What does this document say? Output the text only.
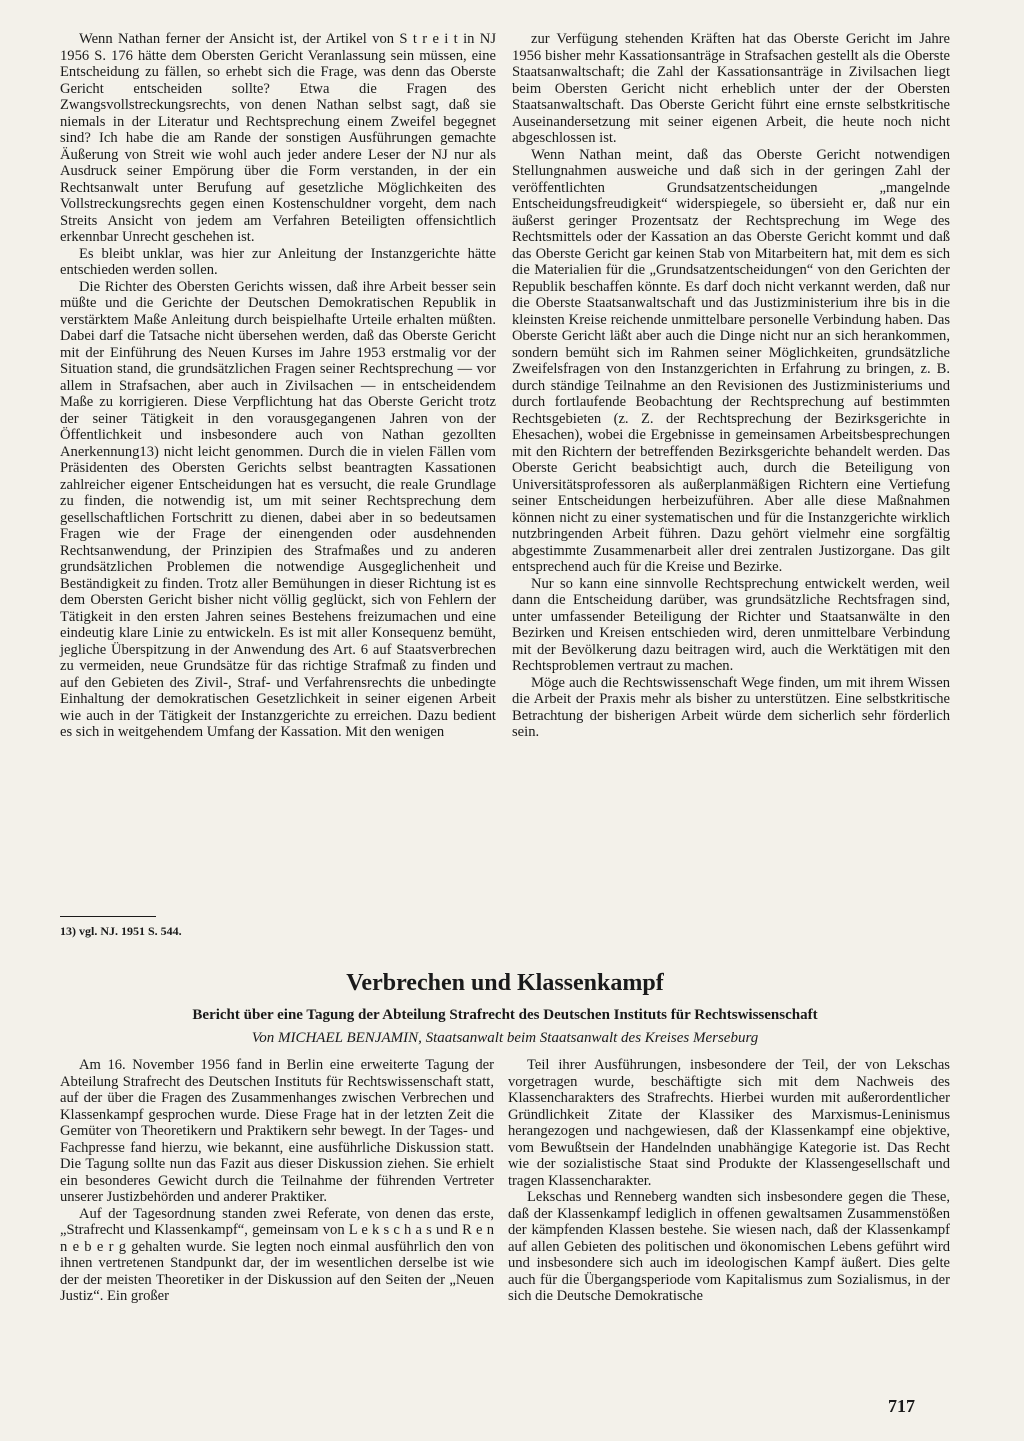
Wenn Nathan ferner der Ansicht ist, der Artikel von S t r e i t in NJ 1956 S. 176 hätte dem Obersten Gericht Veranlassung sein müssen, eine Entscheidung zu fällen, so erhebt sich die Frage, was denn das Oberste Gericht entscheiden sollte? Etwa die Fragen des Zwangsvollstreckungsrechts, von denen Nathan selbst sagt, daß sie niemals in der Literatur und Rechtsprechung einem Zweifel begegnet sind? Ich habe die am Rande der sonstigen Ausführungen gemachte Äußerung von Streit wie wohl auch jeder andere Leser der NJ nur als Ausdruck seiner Empörung über die Form verstanden, in der ein Rechtsanwalt unter Berufung auf gesetzliche Möglichkeiten des Vollstreckungsrechts gegen einen Kostenschuldner vorgeht, dem nach Streits Ansicht von jedem am Verfahren Beteiligten offensichtlich erkennbar Unrecht geschehen ist.

Es bleibt unklar, was hier zur Anleitung der Instanzgerichte hätte entschieden werden sollen.

Die Richter des Obersten Gerichts wissen, daß ihre Arbeit besser sein müßte und die Gerichte der Deutschen Demokratischen Republik in verstärktem Maße Anleitung durch beispielhafte Urteile erhalten müßten. Dabei darf die Tatsache nicht übersehen werden, daß das Oberste Gericht mit der Einführung des Neuen Kurses im Jahre 1953 erstmalig vor der Situation stand, die grundsätzlichen Fragen seiner Rechtsprechung — vor allem in Strafsachen, aber auch in Zivilsachen — in entscheidendem Maße zu korrigieren. Diese Verpflichtung hat das Oberste Gericht trotz der seiner Tätigkeit in den vorausgegangenen Jahren von der Öffentlichkeit und insbesondere auch von Nathan gezollten Anerkennung13) nicht leicht genommen. Durch die in vielen Fällen vom Präsidenten des Obersten Gerichts selbst beantragten Kassationen zahlreicher eigener Entscheidungen hat es versucht, die reale Grundlage zu finden, die notwendig ist, um mit seiner Rechtsprechung dem gesellschaftlichen Fortschritt zu dienen, dabei aber in so bedeutsamen Fragen wie der Frage der einengenden oder ausdehnenden Rechtsanwendung, der Prinzipien des Strafmaßes und zu anderen grundsätzlichen Problemen die notwendige Ausgeglichenheit und Beständigkeit zu finden. Trotz aller Bemühungen in dieser Richtung ist es dem Obersten Gericht bisher nicht völlig geglückt, sich von Fehlern der Tätigkeit in den ersten Jahren seines Bestehens freizumachen und eine eindeutig klare Linie zu entwickeln. Es ist mit aller Konsequenz bemüht, jegliche Überspitzung in der Anwendung des Art. 6 auf Staatsverbrechen zu vermeiden, neue Grundsätze für das richtige Strafmaß zu finden und auf den Gebieten des Zivil-, Straf- und Verfahrensrechts die unbedingte Einhaltung der demokratischen Gesetzlichkeit in seiner eigenen Arbeit wie auch in der Tätigkeit der Instanzgerichte zu erreichen. Dazu bedient es sich in weitgehendem Umfang der Kassation. Mit den wenigen

13) vgl. NJ. 1951 S. 544.

zur Verfügung stehenden Kräften hat das Oberste Gericht im Jahre 1956 bisher mehr Kassationsanträge in Strafsachen gestellt als die Oberste Staatsanwaltschaft; die Zahl der Kassationsanträge in Zivilsachen liegt beim Obersten Gericht nicht erheblich unter der der Obersten Staatsanwaltschaft. Das Oberste Gericht führt eine ernste selbstkritische Auseinandersetzung mit seiner eigenen Arbeit, die heute noch nicht abgeschlossen ist.

Wenn Nathan meint, daß das Oberste Gericht notwendigen Stellungnahmen ausweiche und daß sich in der geringen Zahl der veröffentlichten Grundsatzentscheidungen „mangelnde Entscheidungsfreudigkeit“ widerspiegele, so übersieht er, daß nur ein äußerst geringer Prozentsatz der Rechtsprechung im Wege des Rechtsmittels oder der Kassation an das Oberste Gericht kommt und daß das Oberste Gericht gar keinen Stab von Mitarbeitern hat, mit dem es sich die Materialien für die „Grundsatzentscheidungen“ von den Gerichten der Republik beschaffen könnte. Es darf doch nicht verkannt werden, daß nur die Oberste Staatsanwaltschaft und das Justizministerium ihre bis in die kleinsten Kreise reichende unmittelbare personelle Verbindung haben. Das Oberste Gericht läßt aber auch die Dinge nicht nur an sich herankommen, sondern bemüht sich im Rahmen seiner Möglichkeiten, grundsätzliche Zweifelsfragen von den Instanzgerichten in Erfahrung zu bringen, z. B. durch ständige Teilnahme an den Revisionen des Justizministeriums und durch fortlaufende Beobachtung der Rechtsprechung auf bestimmten Rechtsgebieten (z. Z. der Rechtsprechung der Bezirksgerichte in Ehesachen), wobei die Ergebnisse in gemeinsamen Arbeitsbesprechungen mit den Richtern der betreffenden Bezirksgerichte behandelt werden. Das Oberste Gericht beabsichtigt auch, durch die Beteiligung von Universitätsprofessoren als außerplanmäßigen Richtern eine Vertiefung seiner Entscheidungen herbeizuführen. Aber alle diese Maßnahmen können nicht zu einer systematischen und für die Instanzgerichte wirklich nutzbringenden Arbeit führen. Dazu gehört vielmehr eine sorgfältig abgestimmte Zusammenarbeit aller drei zentralen Justizorgane. Das gilt entsprechend auch für die Kreise und Bezirke.

Nur so kann eine sinnvolle Rechtsprechung entwickelt werden, weil dann die Entscheidung darüber, was grundsätzliche Rechtsfragen sind, unter umfassender Beteiligung der Richter und Staatsanwälte in den Bezirken und Kreisen entschieden wird, deren unmittelbare Verbindung mit der Bevölkerung dazu beitragen wird, auch die Werktätigen mit den Rechtsproblemen vertraut zu machen.

Möge auch die Rechtswissenschaft Wege finden, um mit ihrem Wissen die Arbeit der Praxis mehr als bisher zu unterstützen. Eine selbstkritische Betrachtung der bisherigen Arbeit würde dem sicherlich sehr förderlich sein.

Verbrechen und Klassenkampf
Bericht über eine Tagung der Abteilung Strafrecht des Deutschen Instituts für Rechtswissenschaft
Von MICHAEL BENJAMIN, Staatsanwalt beim Staatsanwalt des Kreises Merseburg

Am 16. November 1956 fand in Berlin eine erweiterte Tagung der Abteilung Strafrecht des Deutschen Instituts für Rechtswissenschaft statt, auf der über die Fragen des Zusammenhanges zwischen Verbrechen und Klassenkampf gesprochen wurde. Diese Frage hat in der letzten Zeit die Gemüter von Theoretikern und Praktikern sehr bewegt. In der Tages- und Fachpresse fand hierzu, wie bekannt, eine ausführliche Diskussion statt. Die Tagung sollte nun das Fazit aus dieser Diskussion ziehen. Sie erhielt ein besonderes Gewicht durch die Teilnahme der führenden Vertreter unserer Justizbehörden und anderer Praktiker.

Auf der Tagesordnung standen zwei Referate, von denen das erste, „Strafrecht und Klassenkampf“, gemeinsam von L e k s c h a s und R e n n e b e r g gehalten wurde. Sie legten noch einmal ausführlich den von ihnen vertretenen Standpunkt dar, der im wesentlichen derselbe ist wie der der meisten Theoretiker in der Diskussion auf den Seiten der „Neuen Justiz“. Ein großer

Teil ihrer Ausführungen, insbesondere der Teil, der von Lekschas vorgetragen wurde, beschäftigte sich mit dem Nachweis des Klassencharakters des Strafrechts. Hierbei wurden mit außerordentlicher Gründlichkeit Zitate der Klassiker des Marxismus-Leninismus herangezogen und nachgewiesen, daß der Klassenkampf eine objektive, vom Bewußtsein der Handelnden unabhängige Kategorie ist. Das Recht wie der sozialistische Staat sind Produkte der Klassengesellschaft und tragen Klassencharakter.

Lekschas und Renneberg wandten sich insbesondere gegen die These, daß der Klassenkampf lediglich in offenen gewaltsamen Zusammenstößen der kämpfenden Klassen bestehe. Sie wiesen nach, daß der Klassenkampf auf allen Gebieten des politischen und ökonomischen Lebens geführt wird und insbesondere sich auch im ideologischen Kampf äußert. Dies gelte auch für die Übergangsperiode vom Kapitalismus zum Sozialismus, in der sich die Deutsche Demokratische

717
